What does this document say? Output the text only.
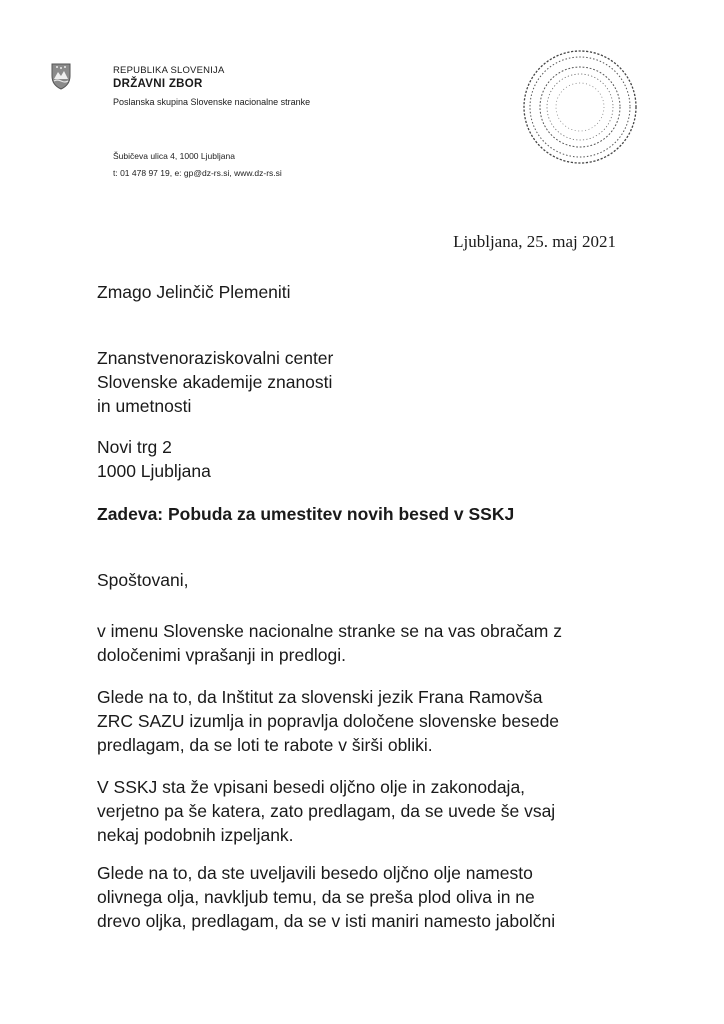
REPUBLIKA SLOVENIJA
DRŽAVNI ZBOR
Poslanska skupina Slovenske nacionalne stranke
Šubičeva ulica 4, 1000 Ljubljana
t: 01 478 97 19, e: gp@dz-rs.si, www.dz-rs.si
Ljubljana, 25. maj 2021
Zmago Jelinčič Plemeniti
Znanstvenoraziskovalni center
Slovenske akademije znanosti
in umetnosti
Novi trg 2
1000 Ljubljana
Zadeva: Pobuda za umestitev novih besed v SSKJ
Spoštovani,
v imenu Slovenske nacionalne stranke se na vas obračam z
določenimi vprašanji in predlogi.
Glede na to, da Inštitut za slovenski jezik Frana Ramovša
ZRC SAZU izumlja in popravlja določene slovenske besede
predlagam, da se loti te rabote v širši obliki.
V SSKJ sta že vpisani besedi oljčno olje in zakonodaja,
verjetno pa še katera, zato predlagam, da se uvede še vsaj
nekaj podobnih izpeljank.
Glede na to, da ste uveljavili besedo oljčno olje namesto
olivnega olja, navkljub temu, da se preša plod oliva in ne
drevo oljka, predlagam, da se v isti maniri namesto jabolčni
